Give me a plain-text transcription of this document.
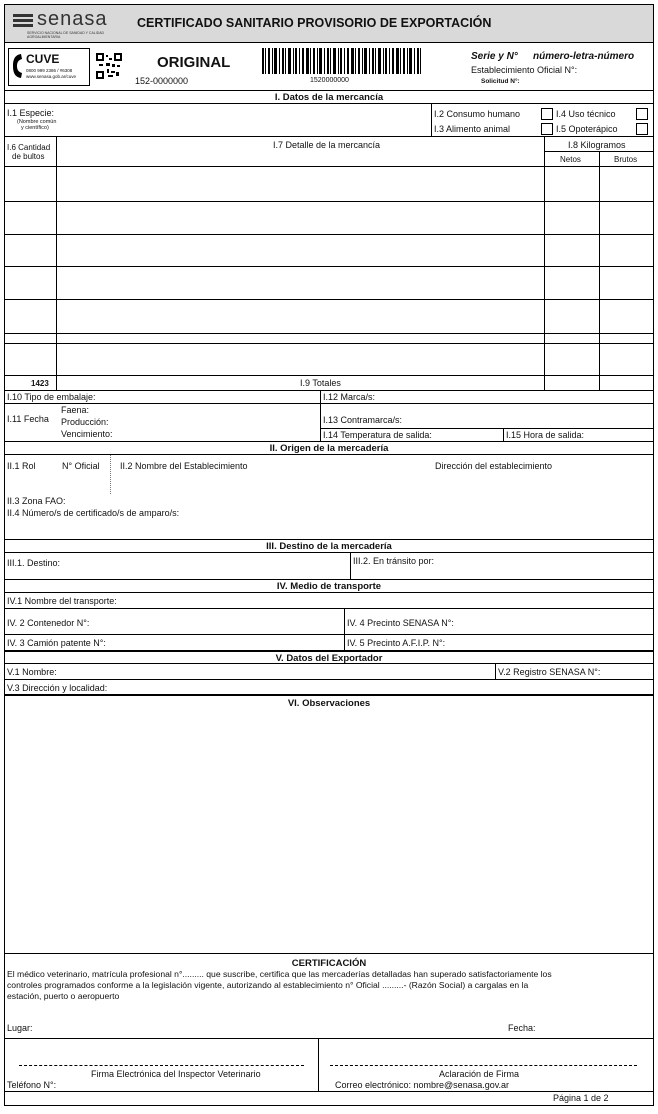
senasa
SERVICIO NACIONAL DE SANIDAD Y CALIDAD AGROALIMENTARIA
CERTIFICADO SANITARIO PROVISORIO DE EXPORTACIÓN
CUVE
0800 999 2386 / #6308
www.senasa.gob.ar/cuve
ORIGINAL
152-0000000	1520000000
Serie y N° número-letra-número
Establecimiento Oficial N°:
Solicitud N°:
I. Datos de la mercancía
I.1 Especie:
(Nombre común
y científico)
I.2 Consumo humano
I.3 Alimento animal
I.4 Uso técnico
I.5 Opoterápico
I.6 Cantidad
de bultos
I.7 Detalle de la mercancía	I.8 Kilogramos
Netos	Brutos
1423	I.9 Totales
I.10 Tipo de embalaje:	I.12 Marca/s:
I.11 Fecha
Faena:
Producción:
Vencimiento:
I.13 Contramarca/s:
I.14 Temperatura de salida:	I.15 Hora de salida:
II. Origen de la mercadería
II.1 Rol	N° Oficial II.2 Nombre del Establecimiento	Dirección del establecimiento
II.3 Zona FAO:
II.4 Número/s de certificado/s de amparo/s:
III. Destino de la mercadería
III.1. Destino:	III.2. En tránsito por:
IV. Medio de transporte
IV.1 Nombre del transporte:
IV. 2 Contenedor N°:	IV. 4 Precinto SENASA N°:
IV. 3 Camión patente N°:	IV. 5 Precinto A.F.I.P. N°:
V. Datos del Exportador
V.1 Nombre:	V.2 Registro SENASA N°:
V.3 Dirección y localidad:
VI. Observaciones
CERTIFICACIÓN
El médico veterinario, matrícula profesional n°......... que suscribe, certifica que las mercaderías detalladas han superado satisfactoriamente los
controles programados conforme a la legislación vigente, autorizando al establecimiento n° Oficial .........- (Razón Social) a cargalas en la
estación, puerto o aeropuerto
Lugar:	Fecha:
Firma Electrónica del Inspector Veterinario	Aclaración de Firma
Teléfono N°:	Correo electrónico: nombre@senasa.gov.ar
Página 1 de 2
